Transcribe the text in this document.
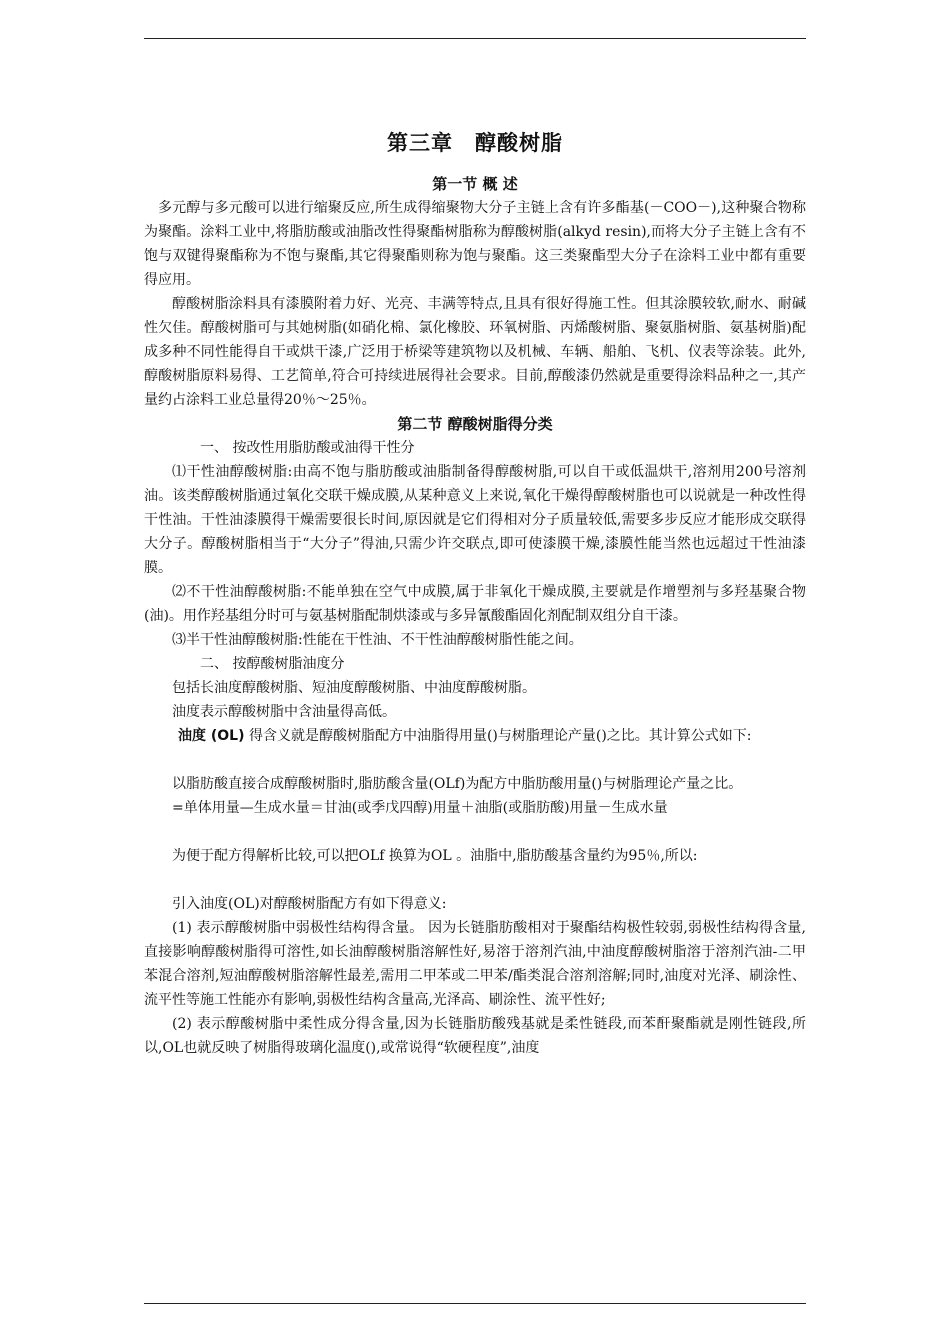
第三章　醇酸树脂
第一节 概 述

多元醇与多元酸可以进行缩聚反应,所生成得缩聚物大分子主链上含有许多酯基(－COO－),这种聚合物称为聚酯。涂料工业中,将脂肪酸或油脂改性得聚酯树脂称为醇酸树脂(alkyd resin),而将大分子主链上含有不饱与双键得聚酯称为不饱与聚酯,其它得聚酯则称为饱与聚酯。这三类聚酯型大分子在涂料工业中都有重要得应用。

醇酸树脂涂料具有漆膜附着力好、光亮、丰满等特点,且具有很好得施工性。但其涂膜较软,耐水、耐碱性欠佳。醇酸树脂可与其她树脂(如硝化棉、氯化橡胶、环氧树脂、丙烯酸树脂、聚氨脂树脂、氨基树脂)配成多种不同性能得自干或烘干漆,广泛用于桥梁等建筑物以及机械、车辆、船舶、飞机、仪表等涂装。此外,醇酸树脂原料易得、工艺简单,符合可持续进展得社会要求。目前,醇酸漆仍然就是重要得涂料品种之一,其产量约占涂料工业总量得20％～25％。

第二节 醇酸树脂得分类

一、 按改性用脂肪酸或油得干性分

⑴干性油醇酸树脂:由高不饱与脂肪酸或油脂制备得醇酸树脂,可以自干或低温烘干,溶剂用200号溶剂油。该类醇酸树脂通过氧化交联干燥成膜,从某种意义上来说,氧化干燥得醇酸树脂也可以说就是一种改性得干性油。干性油漆膜得干燥需要很长时间,原因就是它们得相对分子质量较低,需要多步反应才能形成交联得大分子。醇酸树脂相当于“大分子”得油,只需少许交联点,即可使漆膜干燥,漆膜性能当然也远超过干性油漆膜。

⑵不干性油醇酸树脂:不能单独在空气中成膜,属于非氧化干燥成膜,主要就是作增塑剂与多羟基聚合物(油)。用作羟基组分时可与氨基树脂配制烘漆或与多异氰酸酯固化剂配制双组分自干漆。

⑶半干性油醇酸树脂:性能在干性油、不干性油醇酸树脂性能之间。

二、 按醇酸树脂油度分

包括长油度醇酸树脂、短油度醇酸树脂、中油度醇酸树脂。

油度表示醇酸树脂中含油量得高低。

油度 (OL) 得含义就是醇酸树脂配方中油脂得用量()与树脂理论产量()之比。其计算公式如下:

以脂肪酸直接合成醇酸树脂时,脂肪酸含量(OLf)为配方中脂肪酸用量()与树脂理论产量之比。

=单体用量—生成水量＝甘油(或季戊四醇)用量＋油脂(或脂肪酸)用量－生成水量

为便于配方得解析比较,可以把OLf 换算为OL 。油脂中,脂肪酸基含量约为95％,所以:

引入油度(OL)对醇酸树脂配方有如下得意义:

(1) 表示醇酸树脂中弱极性结构得含量。 因为长链脂肪酸相对于聚酯结构极性较弱,弱极性结构得含量,直接影响醇酸树脂得可溶性,如长油醇酸树脂溶解性好,易溶于溶剂汽油,中油度醇酸树脂溶于溶剂汽油-二甲苯混合溶剂,短油醇酸树脂溶解性最差,需用二甲苯或二甲苯/酯类混合溶剂溶解;同时,油度对光泽、刷涂性、流平性等施工性能亦有影响,弱极性结构含量高,光泽高、刷涂性、流平性好;

(2) 表示醇酸树脂中柔性成分得含量,因为长链脂肪酸残基就是柔性链段,而苯酐聚酯就是刚性链段,所以,OL也就反映了树脂得玻璃化温度(),或常说得“软硬程度”,油度
